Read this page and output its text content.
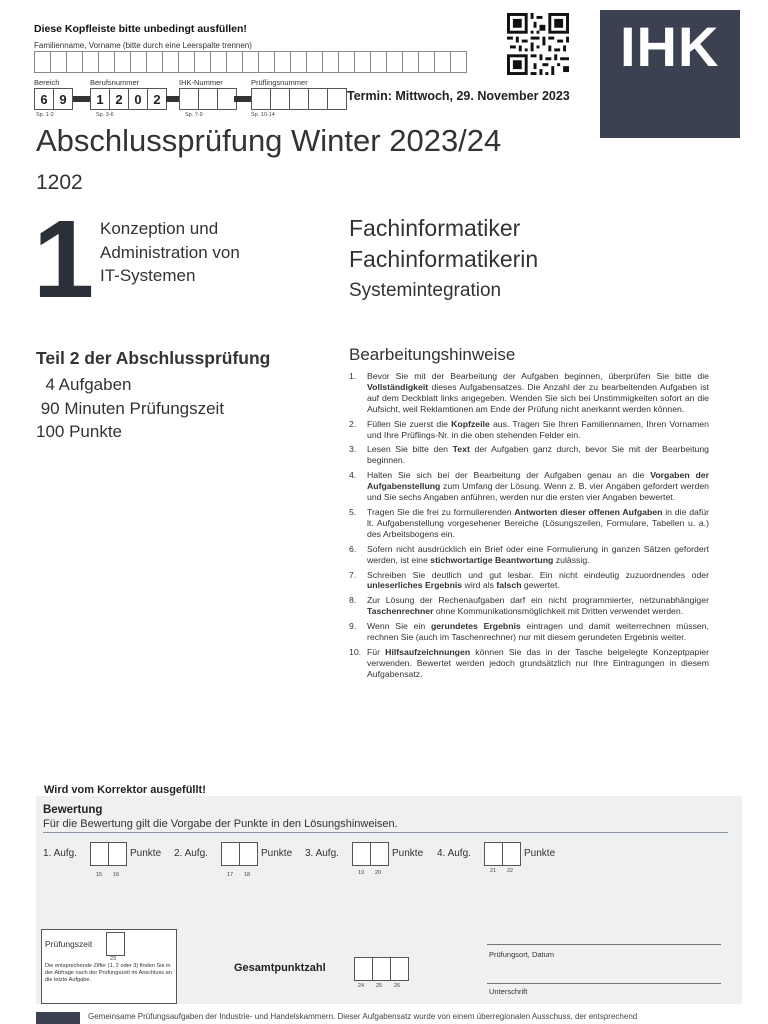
Diese Kopfleiste bitte unbedingt ausfüllen!
Familienname, Vorname (bitte durch eine Leerspalte trennen)
Bereich	Berufsnummer	IHK-Nummer	Prüflingsnummer
6 9	1 2 0 2
Sp. 1-2	Sp. 3-6	Sp. 7-9	Sp. 10-14
Termin: Mittwoch, 29. November 2023
IHK
Abschlussprüfung Winter 2023/24
1202
1 Konzeption und
Administration von
IT-Systemen
Fachinformatiker
Fachinformatikerin
Systemintegration
Teil 2 der Abschlussprüfung
4 Aufgaben
90 Minuten Prüfungszeit
100 Punkte
Bearbeitungshinweise
1. Bevor Sie mit der Bearbeitung der Aufgaben beginnen, überprüfen Sie bitte die Vollständigkeit dieses Aufgabensatzes. Die Anzahl der zu bearbeitenden Aufgaben ist auf dem Deckblatt links angegeben. Wenden Sie sich bei Unstimmigkeiten sofort an die Aufsicht, weil Reklamtionen am Ende der Prüfung nicht anerkannt werden können.
2. Füllen Sie zuerst die Kopfzeile aus. Tragen Sie Ihren Familiennamen, Ihren Vornamen und Ihre Prüflings-Nr. in die oben stehenden Felder ein.
3. Lesen Sie bitte den Text der Aufgaben ganz durch, bevor Sie mit der Bearbeitung beginnen.
4. Halten Sie sich bei der Bearbeitung der Aufgaben genau an die Vorgaben der Aufgabenstellung zum Umfang der Lösung. Wenn z. B. vier Angaben gefordert werden und Sie sechs Angaben anführen, werden nur die ersten vier Angaben bewertet.
5. Tragen Sie die frei zu formulierenden Antworten dieser offenen Aufgaben in die dafür lt. Aufgabenstellung vorgesehener Bereiche (Lösungszeilen, Formulare, Tabellen u. a.) des Arbeitsbogens ein.
6. Sofern nicht ausdrücklich ein Brief oder eine Formulierung in ganzen Sätzen gefordert werden, ist eine stichwortartige Beantwortung zulässig.
7. Schreiben Sie deutlich und gut lesbar. Ein nicht eindeutig zuzuordnendes oder unleserliches Ergebnis wird als falsch gewertet.
8. Zur Lösung der Rechenaufgaben darf ein nicht programmierter, netzunabhängiger Taschenrechner ohne Kommunikationsmöglichkeit mit Dritten verwendet werden.
9. Wenn Sie ein gerundetes Ergebnis eintragen und damit weiterrechnen müssen, rechnen Sie (auch im Taschenrechner) nur mit diesem gerundeten Ergebnis weiter.
10. Für Hilfsaufzeichnungen können Sie das in der Tasche beigelegte Konzeptpapier verwenden. Bewertet werden jedoch grundsätzlich nur Ihre Eintragungen in diesem Aufgabensatz.
Wird vom Korrektor ausgefüllt!
Bewertung
Für die Bewertung gilt die Vorgabe der Punkte in den Lösungshinweisen.
1. Aufg.	Punkte
15 16
2. Aufg.	Punkte
17 18
3. Aufg.	Punkte
19 20
4. Aufg.	Punkte
21 22
Prüfungszeit
23
Die entsprechende Ziffer (1, 2 oder 3) finden Sie in der Abfrage nach der Prüfungszeit im Anschluss an die letzte Aufgabe.
Gesamtpunktzahl
24 25 26
Prüfungsort, Datum
Unterschrift
Gemeinsame Prüfungsaufgaben der Industrie- und Handelskammern. Dieser Aufgabensatz wurde von einem überregionalen Ausschuss, der entsprechend
